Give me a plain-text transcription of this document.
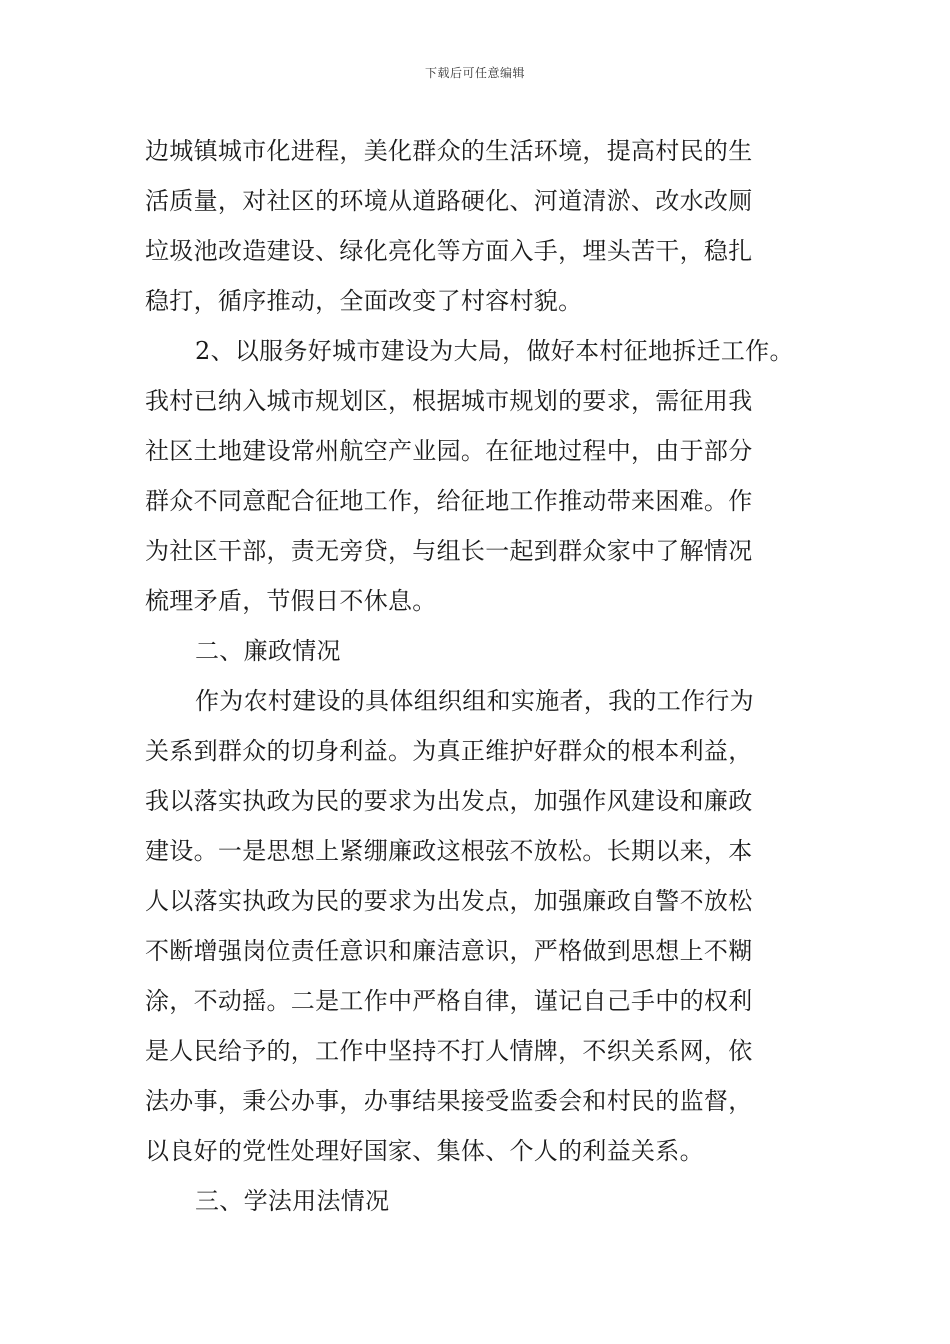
下载后可任意编辑
边城镇城市化进程，美化群众的生活环境，提高村民的生
活质量，对社区的环境从道路硬化、河道清淤、改水改厕
垃圾池改造建设、绿化亮化等方面入手，埋头苦干，稳扎
稳打，循序推动，全面改变了村容村貌。
2、以服务好城市建设为大局，做好本村征地拆迁工作。
我村已纳入城市规划区，根据城市规划的要求，需征用我
社区土地建设常州航空产业园。在征地过程中，由于部分
群众不同意配合征地工作，给征地工作推动带来困难。作
为社区干部，责无旁贷，与组长一起到群众家中了解情况
梳理矛盾，节假日不休息。
二、廉政情况
作为农村建设的具体组织组和实施者，我的工作行为
关系到群众的切身利益。为真正维护好群众的根本利益，
我以落实执政为民的要求为出发点，加强作风建设和廉政
建设。一是思想上紧绷廉政这根弦不放松。长期以来，本
人以落实执政为民的要求为出发点，加强廉政自警不放松
不断增强岗位责任意识和廉洁意识，严格做到思想上不糊
涂，不动摇。二是工作中严格自律，谨记自己手中的权利
是人民给予的，工作中坚持不打人情牌，不织关系网，依
法办事，秉公办事，办事结果接受监委会和村民的监督，
以良好的党性处理好国家、集体、个人的利益关系。
三、学法用法情况
